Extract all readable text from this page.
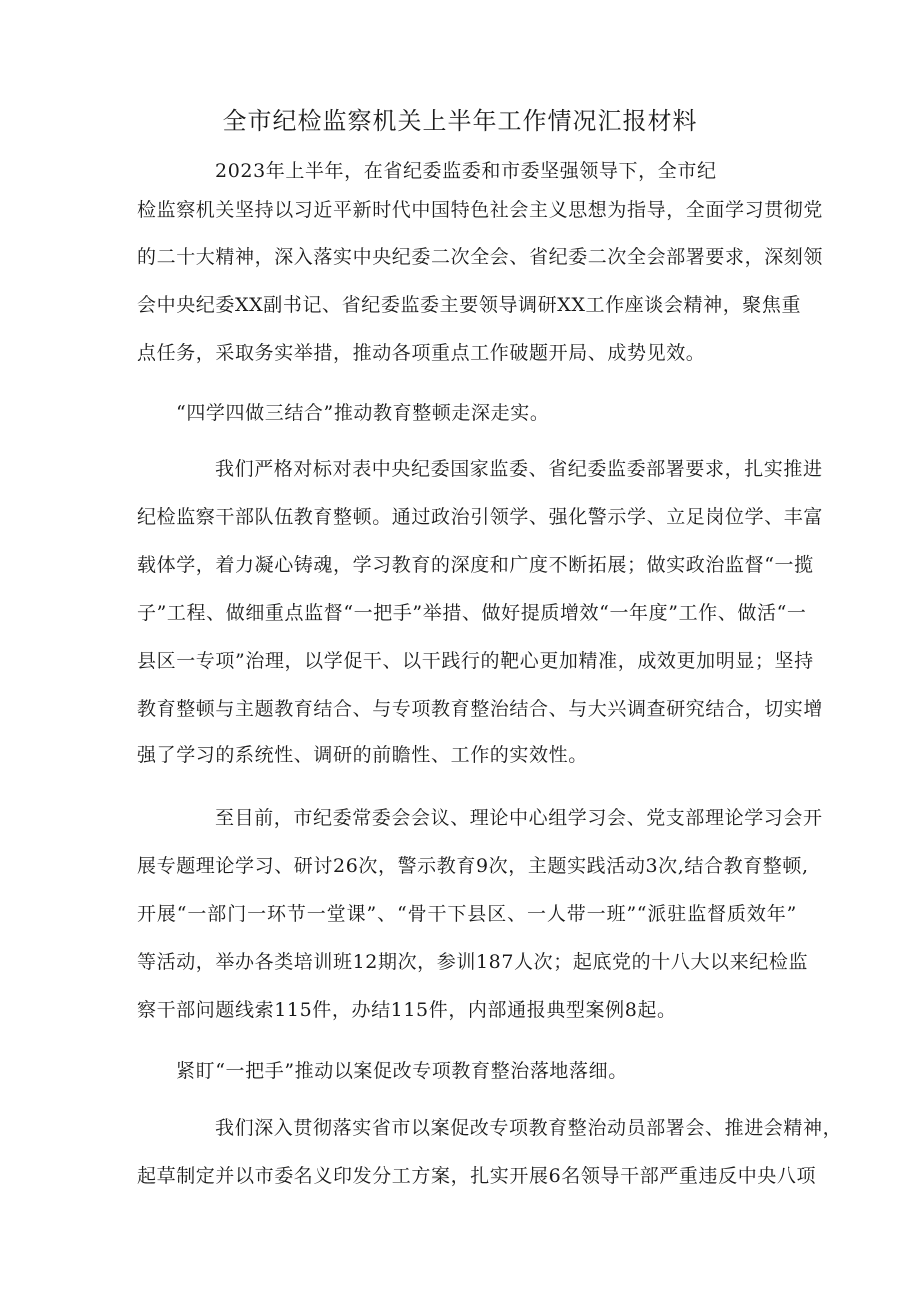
全市纪检监察机关上半年工作情况汇报材料

2023年上半年，在省纪委监委和市委坚强领导下，全市纪

检监察机关坚持以习近平新时代中国特色社会主义思想为指导，全面学习贯彻党

的二十大精神，深入落实中央纪委二次全会、省纪委二次全会部署要求，深刻领

会中央纪委XX副书记、省纪委监委主要领导调研XX工作座谈会精神，聚焦重

点任务，采取务实举措，推动各项重点工作破题开局、成势见效。

“四学四做三结合”推动教育整顿走深走实。

我们严格对标对表中央纪委国家监委、省纪委监委部署要求，扎实推进

纪检监察干部队伍教育整顿。通过政治引领学、强化警示学、立足岗位学、丰富

载体学，着力凝心铸魂，学习教育的深度和广度不断拓展；做实政治监督“一揽

子”工程、做细重点监督“一把手”举措、做好提质增效“一年度”工作、做活“一

县区一专项”治理，以学促干、以干践行的靶心更加精准，成效更加明显；坚持

教育整顿与主题教育结合、与专项教育整治结合、与大兴调查研究结合，切实增

强了学习的系统性、调研的前瞻性、工作的实效性。

至目前，市纪委常委会会议、理论中心组学习会、党支部理论学习会开

展专题理论学习、研讨26次，警示教育9次，主题实践活动3次,结合教育整顿,

开展“一部门一环节一堂课”、“骨干下县区、一人带一班”“派驻监督质效年”

等活动，举办各类培训班12期次，参训187人次；起底党的十八大以来纪检监

察干部问题线索115件，办结115件，内部通报典型案例8起。

紧盯“一把手”推动以案促改专项教育整治落地落细。

我们深入贯彻落实省市以案促改专项教育整治动员部署会、推进会精神，

起草制定并以市委名义印发分工方案，扎实开展6名领导干部严重违反中央八项
